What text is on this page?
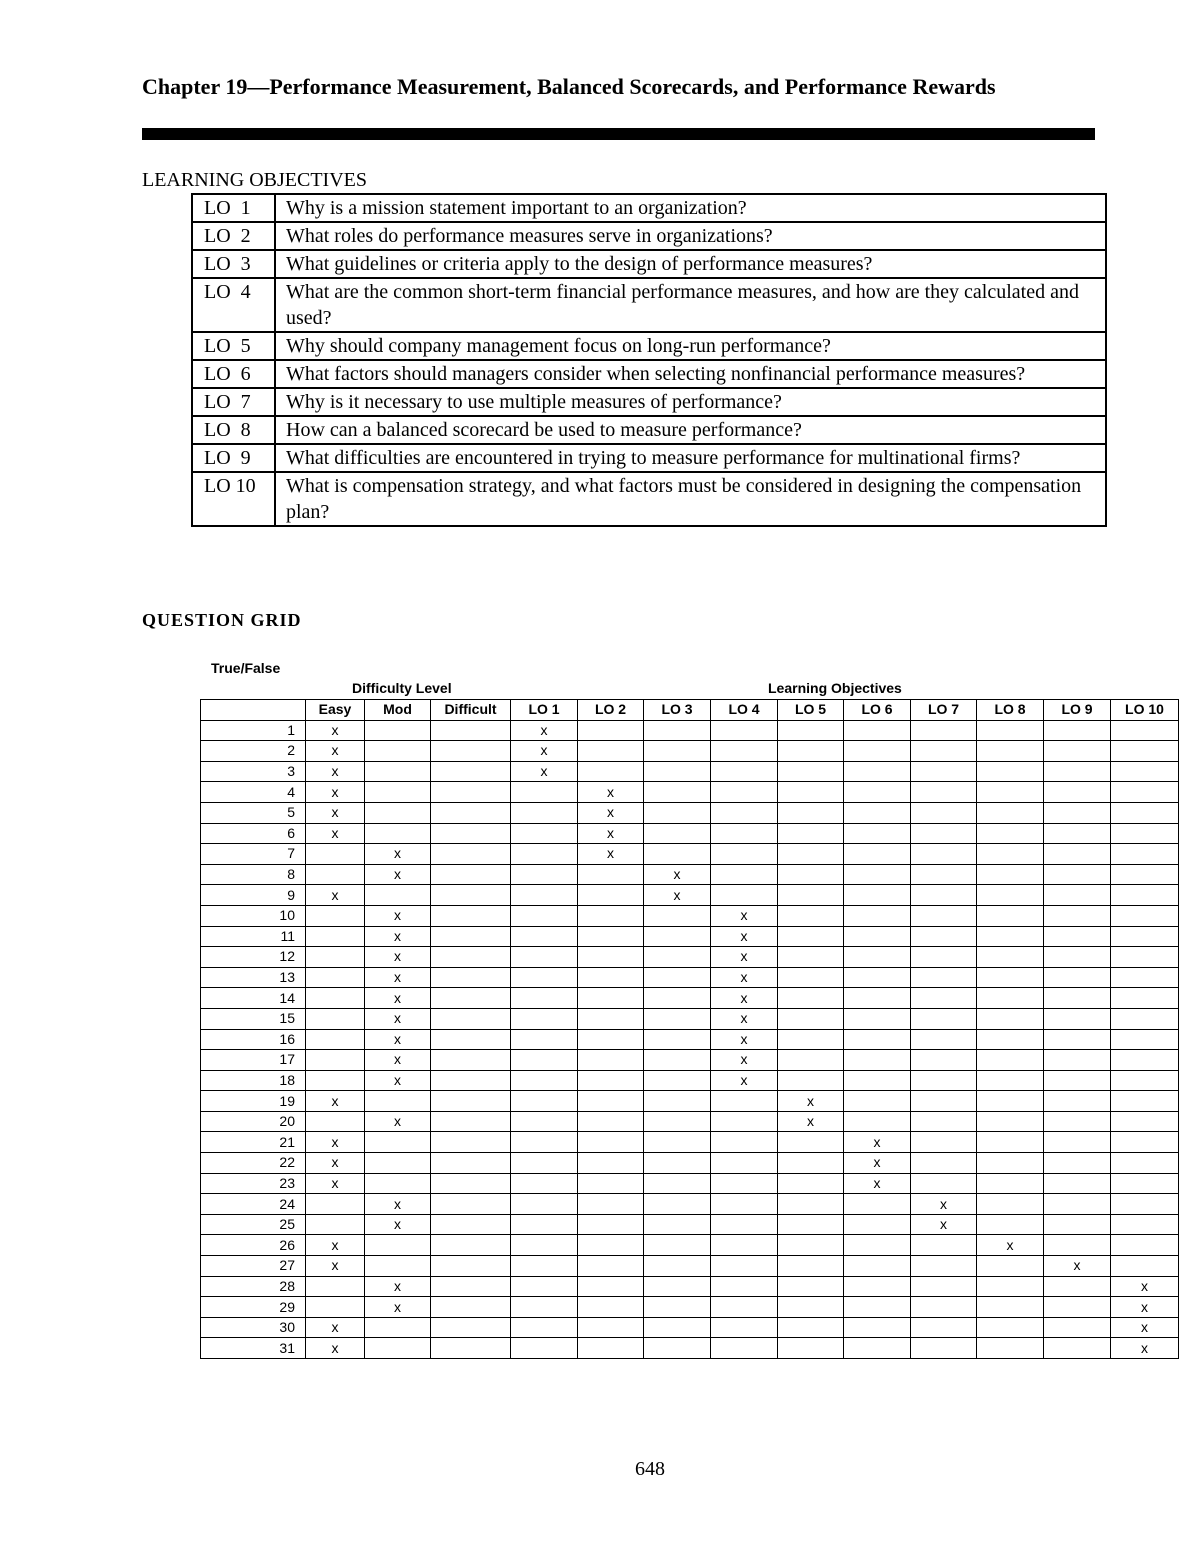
Chapter 19—Performance Measurement, Balanced Scorecards, and Performance Rewards
LEARNING OBJECTIVES
LO  1	Why is a mission statement important to an organization?
LO  2	What roles do performance measures serve in organizations?
LO  3	What guidelines or criteria apply to the design of performance measures?
LO  4	What are the common short-term financial performance measures, and how are they calculated and used?
LO  5	Why should company management focus on long-run performance?
LO  6	What factors should managers consider when selecting nonfinancial performance measures?
LO  7	Why is it necessary to use multiple measures of performance?
LO  8	How can a balanced scorecard be used to measure performance?
LO  9	What difficulties are encountered in trying to measure performance for multinational firms?
LO 10	What is compensation strategy, and what factors must be considered in designing the compensation plan?
QUESTION GRID
True/False
Difficulty Level	Learning Objectives
	Easy	Mod	Difficult	LO 1	LO 2	LO 3	LO 4	LO 5	LO 6	LO 7	LO 8	LO 9	LO 10
1	x			x									
2	x			x									
3	x			x									
4	x				x								
5	x				x								
6	x				x								
7		x			x								
8		x				x							
9	x					x							
10		x					x						
11		x					x						
12		x					x						
13		x					x						
14		x					x						
15		x					x						
16		x					x						
17		x					x						
18		x					x						
19	x							x					
20		x						x					
21	x								x				
22	x								x				
23	x								x				
24		x								x			
25		x								x			
26	x										x		
27	x											x	
28		x											x
29		x											x
30	x												x
31	x												x
648
